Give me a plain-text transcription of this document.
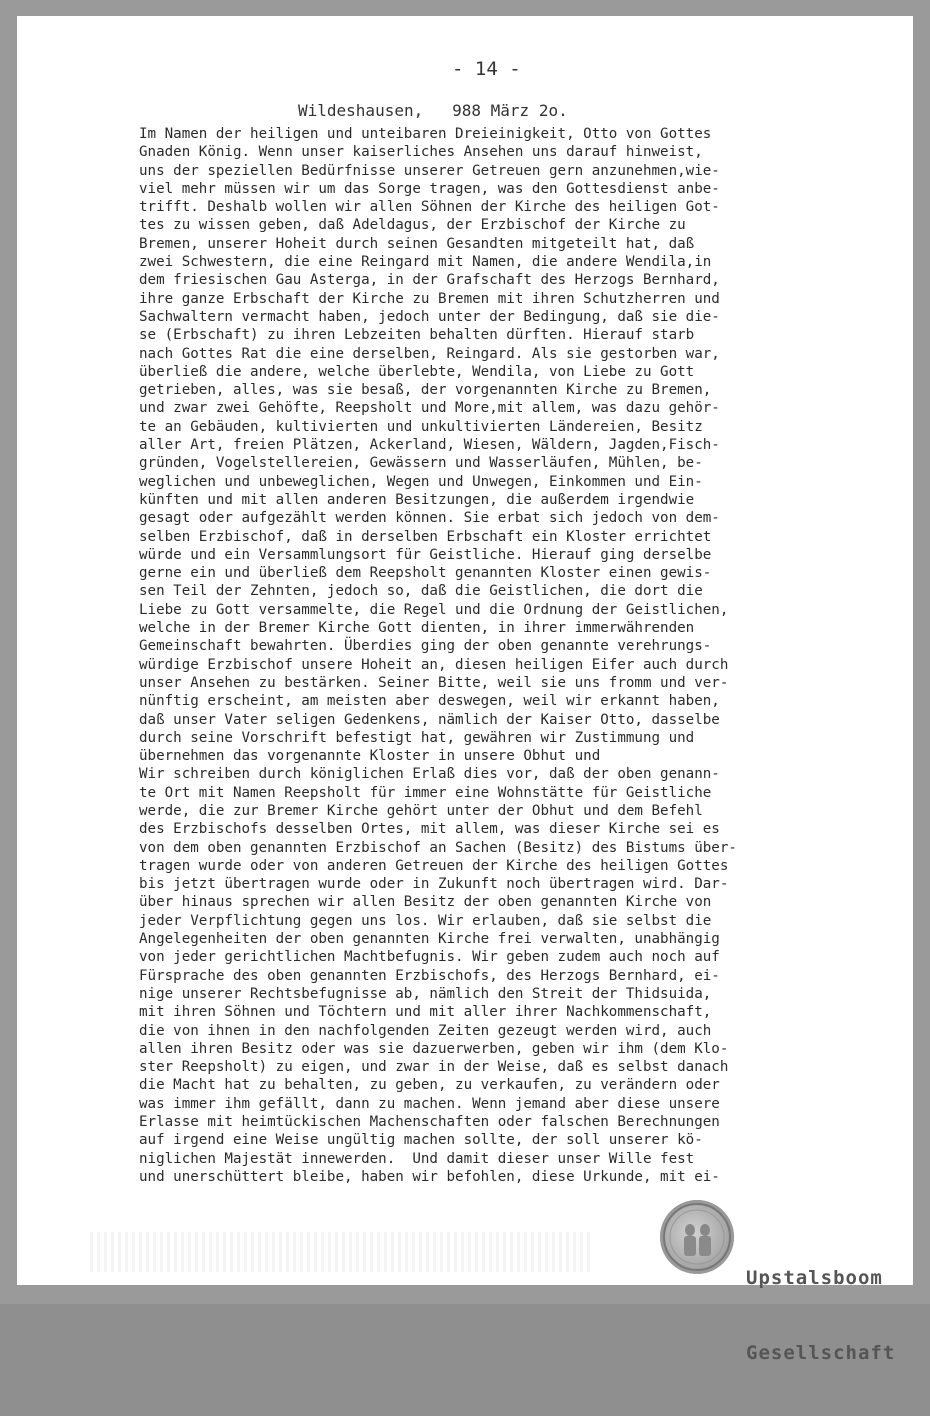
- 14 -
Wildeshausen,   988 März 2o.
Im Namen der heiligen und unteibaren Dreieinigkeit, Otto von Gottes
Gnaden König. Wenn unser kaiserliches Ansehen uns darauf hinweist,
uns der speziellen Bedürfnisse unserer Getreuen gern anzunehmen,wie-
viel mehr müssen wir um das Sorge tragen, was den Gottesdienst anbe-
trifft. Deshalb wollen wir allen Söhnen der Kirche des heiligen Got-
tes zu wissen geben, daß Adeldagus, der Erzbischof der Kirche zu
Bremen, unserer Hoheit durch seinen Gesandten mitgeteilt hat, daß
zwei Schwestern, die eine Reingard mit Namen, die andere Wendila,in
dem friesischen Gau Asterga, in der Grafschaft des Herzogs Bernhard,
ihre ganze Erbschaft der Kirche zu Bremen mit ihren Schutzherren und
Sachwaltern vermacht haben, jedoch unter der Bedingung, daß sie die-
se (Erbschaft) zu ihren Lebzeiten behalten dürften. Hierauf starb
nach Gottes Rat die eine derselben, Reingard. Als sie gestorben war,
überließ die andere, welche überlebte, Wendila, von Liebe zu Gott
getrieben, alles, was sie besaß, der vorgenannten Kirche zu Bremen,
und zwar zwei Gehöfte, Reepsholt und More,mit allem, was dazu gehör-
te an Gebäuden, kultivierten und unkultivierten Ländereien, Besitz
aller Art, freien Plätzen, Ackerland, Wiesen, Wäldern, Jagden,Fisch-
gründen, Vogelstellereien, Gewässern und Wasserläufen, Mühlen, be-
weglichen und unbeweglichen, Wegen und Unwegen, Einkommen und Ein-
künften und mit allen anderen Besitzungen, die außerdem irgendwie
gesagt oder aufgezählt werden können. Sie erbat sich jedoch von dem-
selben Erzbischof, daß in derselben Erbschaft ein Kloster errichtet
würde und ein Versammlungsort für Geistliche. Hierauf ging derselbe
gerne ein und überließ dem Reepsholt genannten Kloster einen gewis-
sen Teil der Zehnten, jedoch so, daß die Geistlichen, die dort die
Liebe zu Gott versammelte, die Regel und die Ordnung der Geistlichen,
welche in der Bremer Kirche Gott dienten, in ihrer immerwährenden
Gemeinschaft bewahrten. Überdies ging der oben genannte verehrungs-
würdige Erzbischof unsere Hoheit an, diesen heiligen Eifer auch durch
unser Ansehen zu bestärken. Seiner Bitte, weil sie uns fromm und ver-
nünftig erscheint, am meisten aber deswegen, weil wir erkannt haben,
daß unser Vater seligen Gedenkens, nämlich der Kaiser Otto, dasselbe
durch seine Vorschrift befestigt hat, gewähren wir Zustimmung und
übernehmen das vorgenannte Kloster in unsere Obhut und
Wir schreiben durch königlichen Erlaß dies vor, daß der oben genann-
te Ort mit Namen Reepsholt für immer eine Wohnstätte für Geistliche
werde, die zur Bremer Kirche gehört unter der Obhut und dem Befehl
des Erzbischofs desselben Ortes, mit allem, was dieser Kirche sei es
von dem oben genannten Erzbischof an Sachen (Besitz) des Bistums über-
tragen wurde oder von anderen Getreuen der Kirche des heiligen Gottes
bis jetzt übertragen wurde oder in Zukunft noch übertragen wird. Dar-
über hinaus sprechen wir allen Besitz der oben genannten Kirche von
jeder Verpflichtung gegen uns los. Wir erlauben, daß sie selbst die
Angelegenheiten der oben genannten Kirche frei verwalten, unabhängig
von jeder gerichtlichen Machtbefugnis. Wir geben zudem auch noch auf
Fürsprache des oben genannten Erzbischofs, des Herzogs Bernhard, ei-
nige unserer Rechtsbefugnisse ab, nämlich den Streit der Thidsuida,
mit ihren Söhnen und Töchtern und mit aller ihrer Nachkommenschaft,
die von ihnen in den nachfolgenden Zeiten gezeugt werden wird, auch
allen ihren Besitz oder was sie dazuerwerben, geben wir ihm (dem Klo-
ster Reepsholt) zu eigen, und zwar in der Weise, daß es selbst danach
die Macht hat zu behalten, zu geben, zu verkaufen, zu verändern oder
was immer ihm gefällt, dann zu machen. Wenn jemand aber diese unsere
Erlasse mit heimtückischen Machenschaften oder falschen Berechnungen
auf irgend eine Weise ungültig machen sollte, der soll unserer kö-
niglichen Majestät innewerden.  Und damit dieser unser Wille fest
und unerschüttert bleibe, haben wir befohlen, diese Urkunde, mit ei-

Upstalsboom

Gesellschaft
